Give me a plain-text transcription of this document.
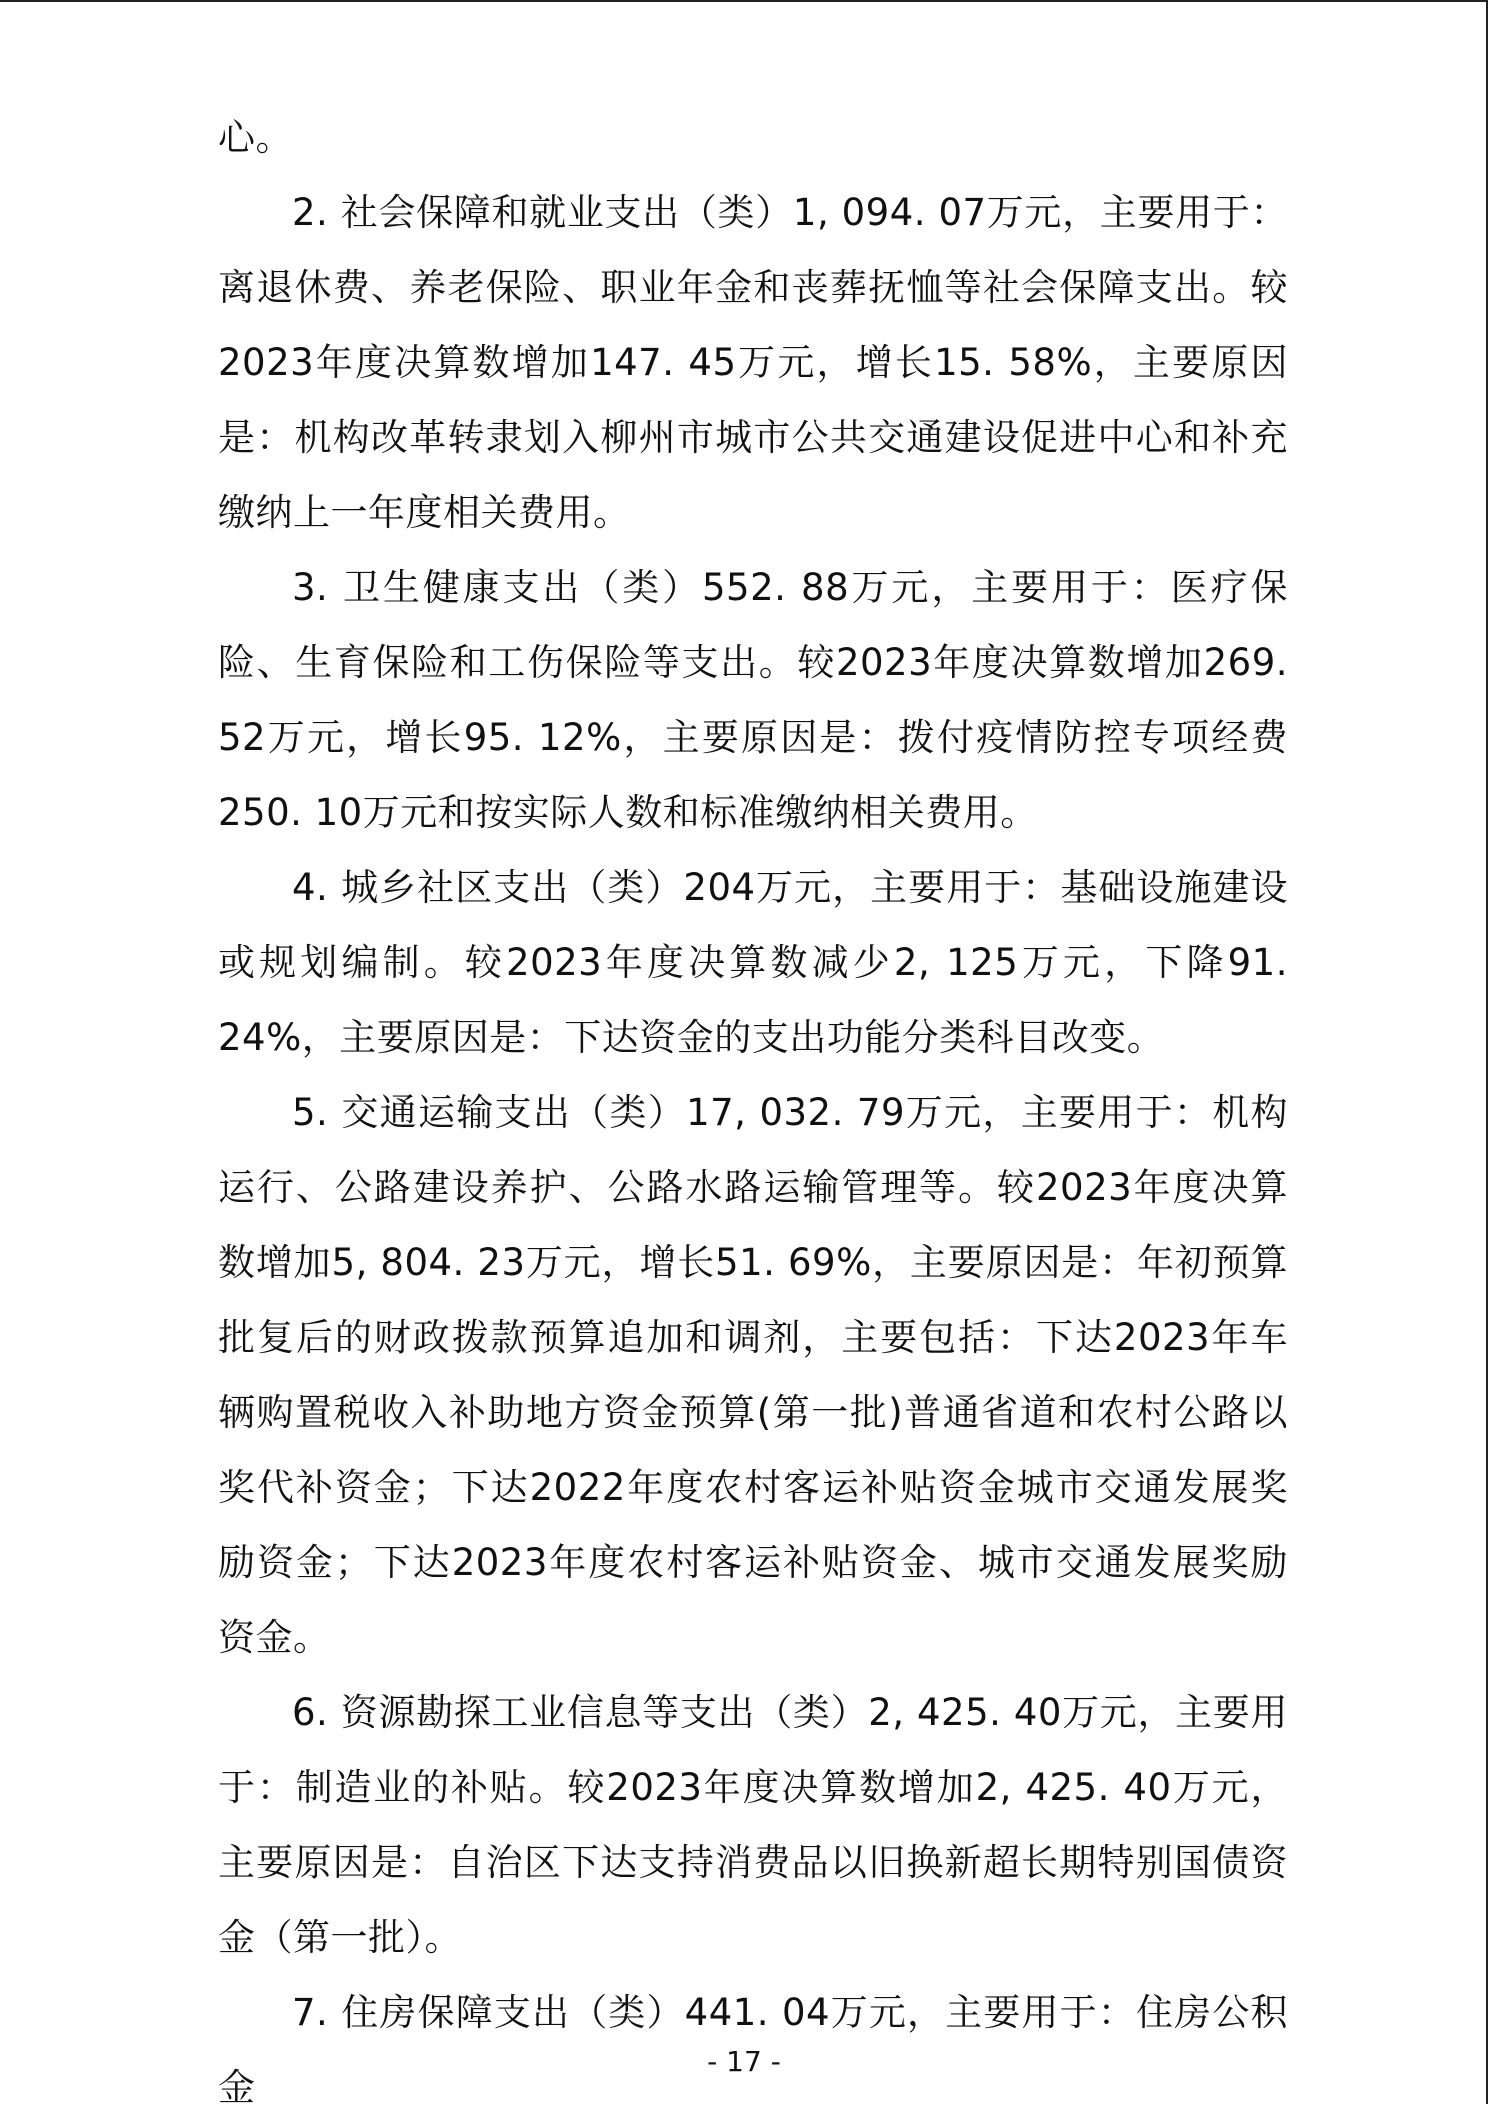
心。

2. 社会保障和就业支出（类）1, 094. 07万元，主要用于：离退休费、养老保险、职业年金和丧葬抚恤等社会保障支出。较2023年度决算数增加147. 45万元，增长15. 58%，主要原因是：机构改革转隶划入柳州市城市公共交通建设促进中心和补充缴纳上一年度相关费用。

3. 卫生健康支出（类）552. 88万元，主要用于：医疗保险、生育保险和工伤保险等支出。较2023年度决算数增加269. 52万元，增长95. 12%，主要原因是：拨付疫情防控专项经费250. 10万元和按实际人数和标准缴纳相关费用。

4. 城乡社区支出（类）204万元，主要用于：基础设施建设或规划编制。较2023年度决算数减少2, 125万元，下降91. 24%，主要原因是：下达资金的支出功能分类科目改变。

5. 交通运输支出（类）17, 032. 79万元，主要用于：机构运行、公路建设养护、公路水路运输管理等。较2023年度决算数增加5, 804. 23万元，增长51. 69%，主要原因是：年初预算批复后的财政拨款预算追加和调剂，主要包括：下达2023年车辆购置税收入补助地方资金预算(第一批)普通省道和农村公路以奖代补资金；下达2022年度农村客运补贴资金城市交通发展奖励资金；下达2023年度农村客运补贴资金、城市交通发展奖励资金。

6. 资源勘探工业信息等支出（类）2, 425. 40万元，主要用于：制造业的补贴。较2023年度决算数增加2, 425. 40万元，主要原因是：自治区下达支持消费品以旧换新超长期特别国债资金（第一批）。

7. 住房保障支出（类）441. 04万元，主要用于：住房公积金

- 17 -
